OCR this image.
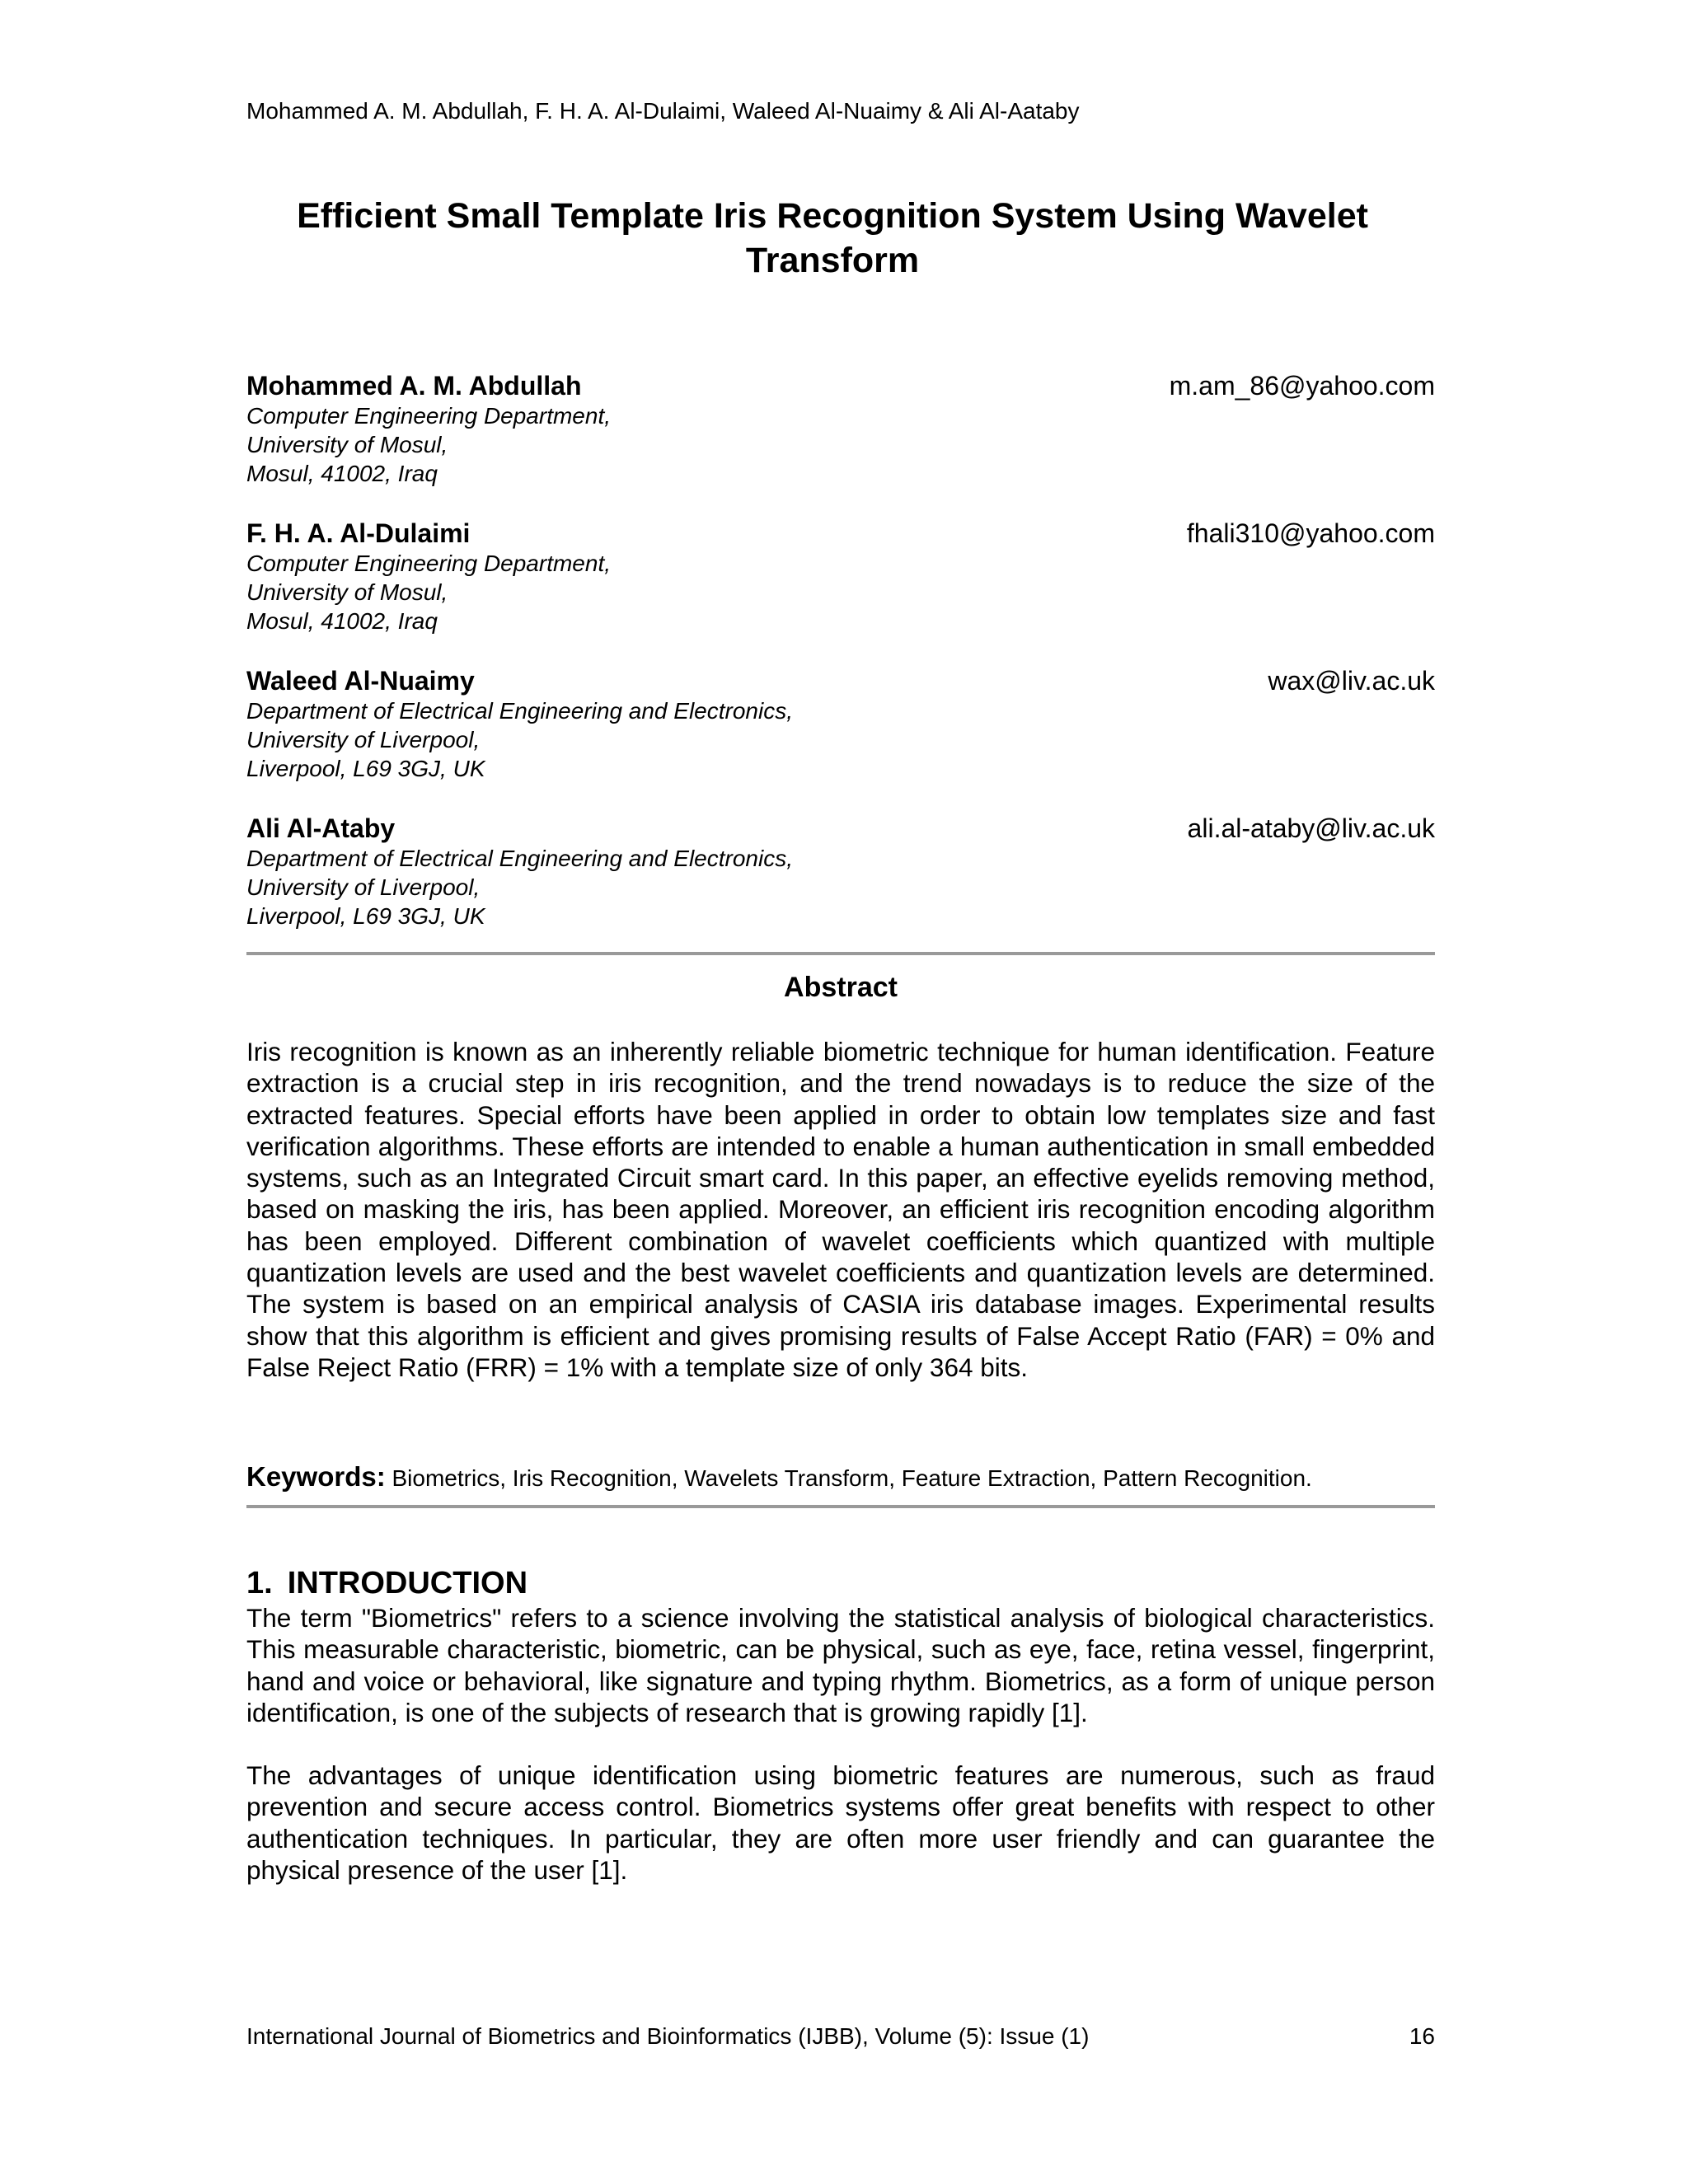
Mohammed A. M. Abdullah, F. H. A. Al-Dulaimi, Waleed Al-Nuaimy & Ali Al-Aataby
Efficient Small Template Iris Recognition System Using Wavelet Transform
Mohammed A. M. Abdullah	m.am_86@yahoo.com
Computer Engineering Department,
University of Mosul,
Mosul, 41002, Iraq
F. H. A. Al-Dulaimi	fhali310@yahoo.com
Computer Engineering Department,
University of Mosul,
Mosul, 41002, Iraq
Waleed Al-Nuaimy	wax@liv.ac.uk
Department of Electrical Engineering and Electronics,
University of Liverpool,
Liverpool, L69 3GJ, UK
Ali Al-Ataby	ali.al-ataby@liv.ac.uk
Department of Electrical Engineering and Electronics,
University of Liverpool,
Liverpool, L69 3GJ, UK
Abstract

Iris recognition is known as an inherently reliable biometric technique for human identification. Feature extraction is a crucial step in iris recognition, and the trend nowadays is to reduce the size of the extracted features. Special efforts have been applied in order to obtain low templates size and fast verification algorithms. These efforts are intended to enable a human authentication in small embedded systems, such as an Integrated Circuit smart card. In this paper, an effective eyelids removing method, based on masking the iris, has been applied. Moreover, an efficient iris recognition encoding algorithm has been employed. Different combination of wavelet coefficients which quantized with multiple quantization levels are used and the best wavelet coefficients and quantization levels are determined. The system is based on an empirical analysis of CASIA iris database images. Experimental results show that this algorithm is efficient and gives promising results of False Accept Ratio (FAR) = 0% and False Reject Ratio (FRR) = 1% with a template size of only 364 bits.

Keywords: Biometrics, Iris Recognition, Wavelets Transform, Feature Extraction, Pattern Recognition.
1. INTRODUCTION

The term "Biometrics" refers to a science involving the statistical analysis of biological characteristics. This measurable characteristic, biometric, can be physical, such as eye, face, retina vessel, fingerprint, hand and voice or behavioral, like signature and typing rhythm. Biometrics, as a form of unique person identification, is one of the subjects of research that is growing rapidly [1].

The advantages of unique identification using biometric features are numerous, such as fraud prevention and secure access control. Biometrics systems offer great benefits with respect to other authentication techniques. In particular, they are often more user friendly and can guarantee the physical presence of the user [1].

International Journal of Biometrics and Bioinformatics (IJBB), Volume (5): Issue (1)	16
